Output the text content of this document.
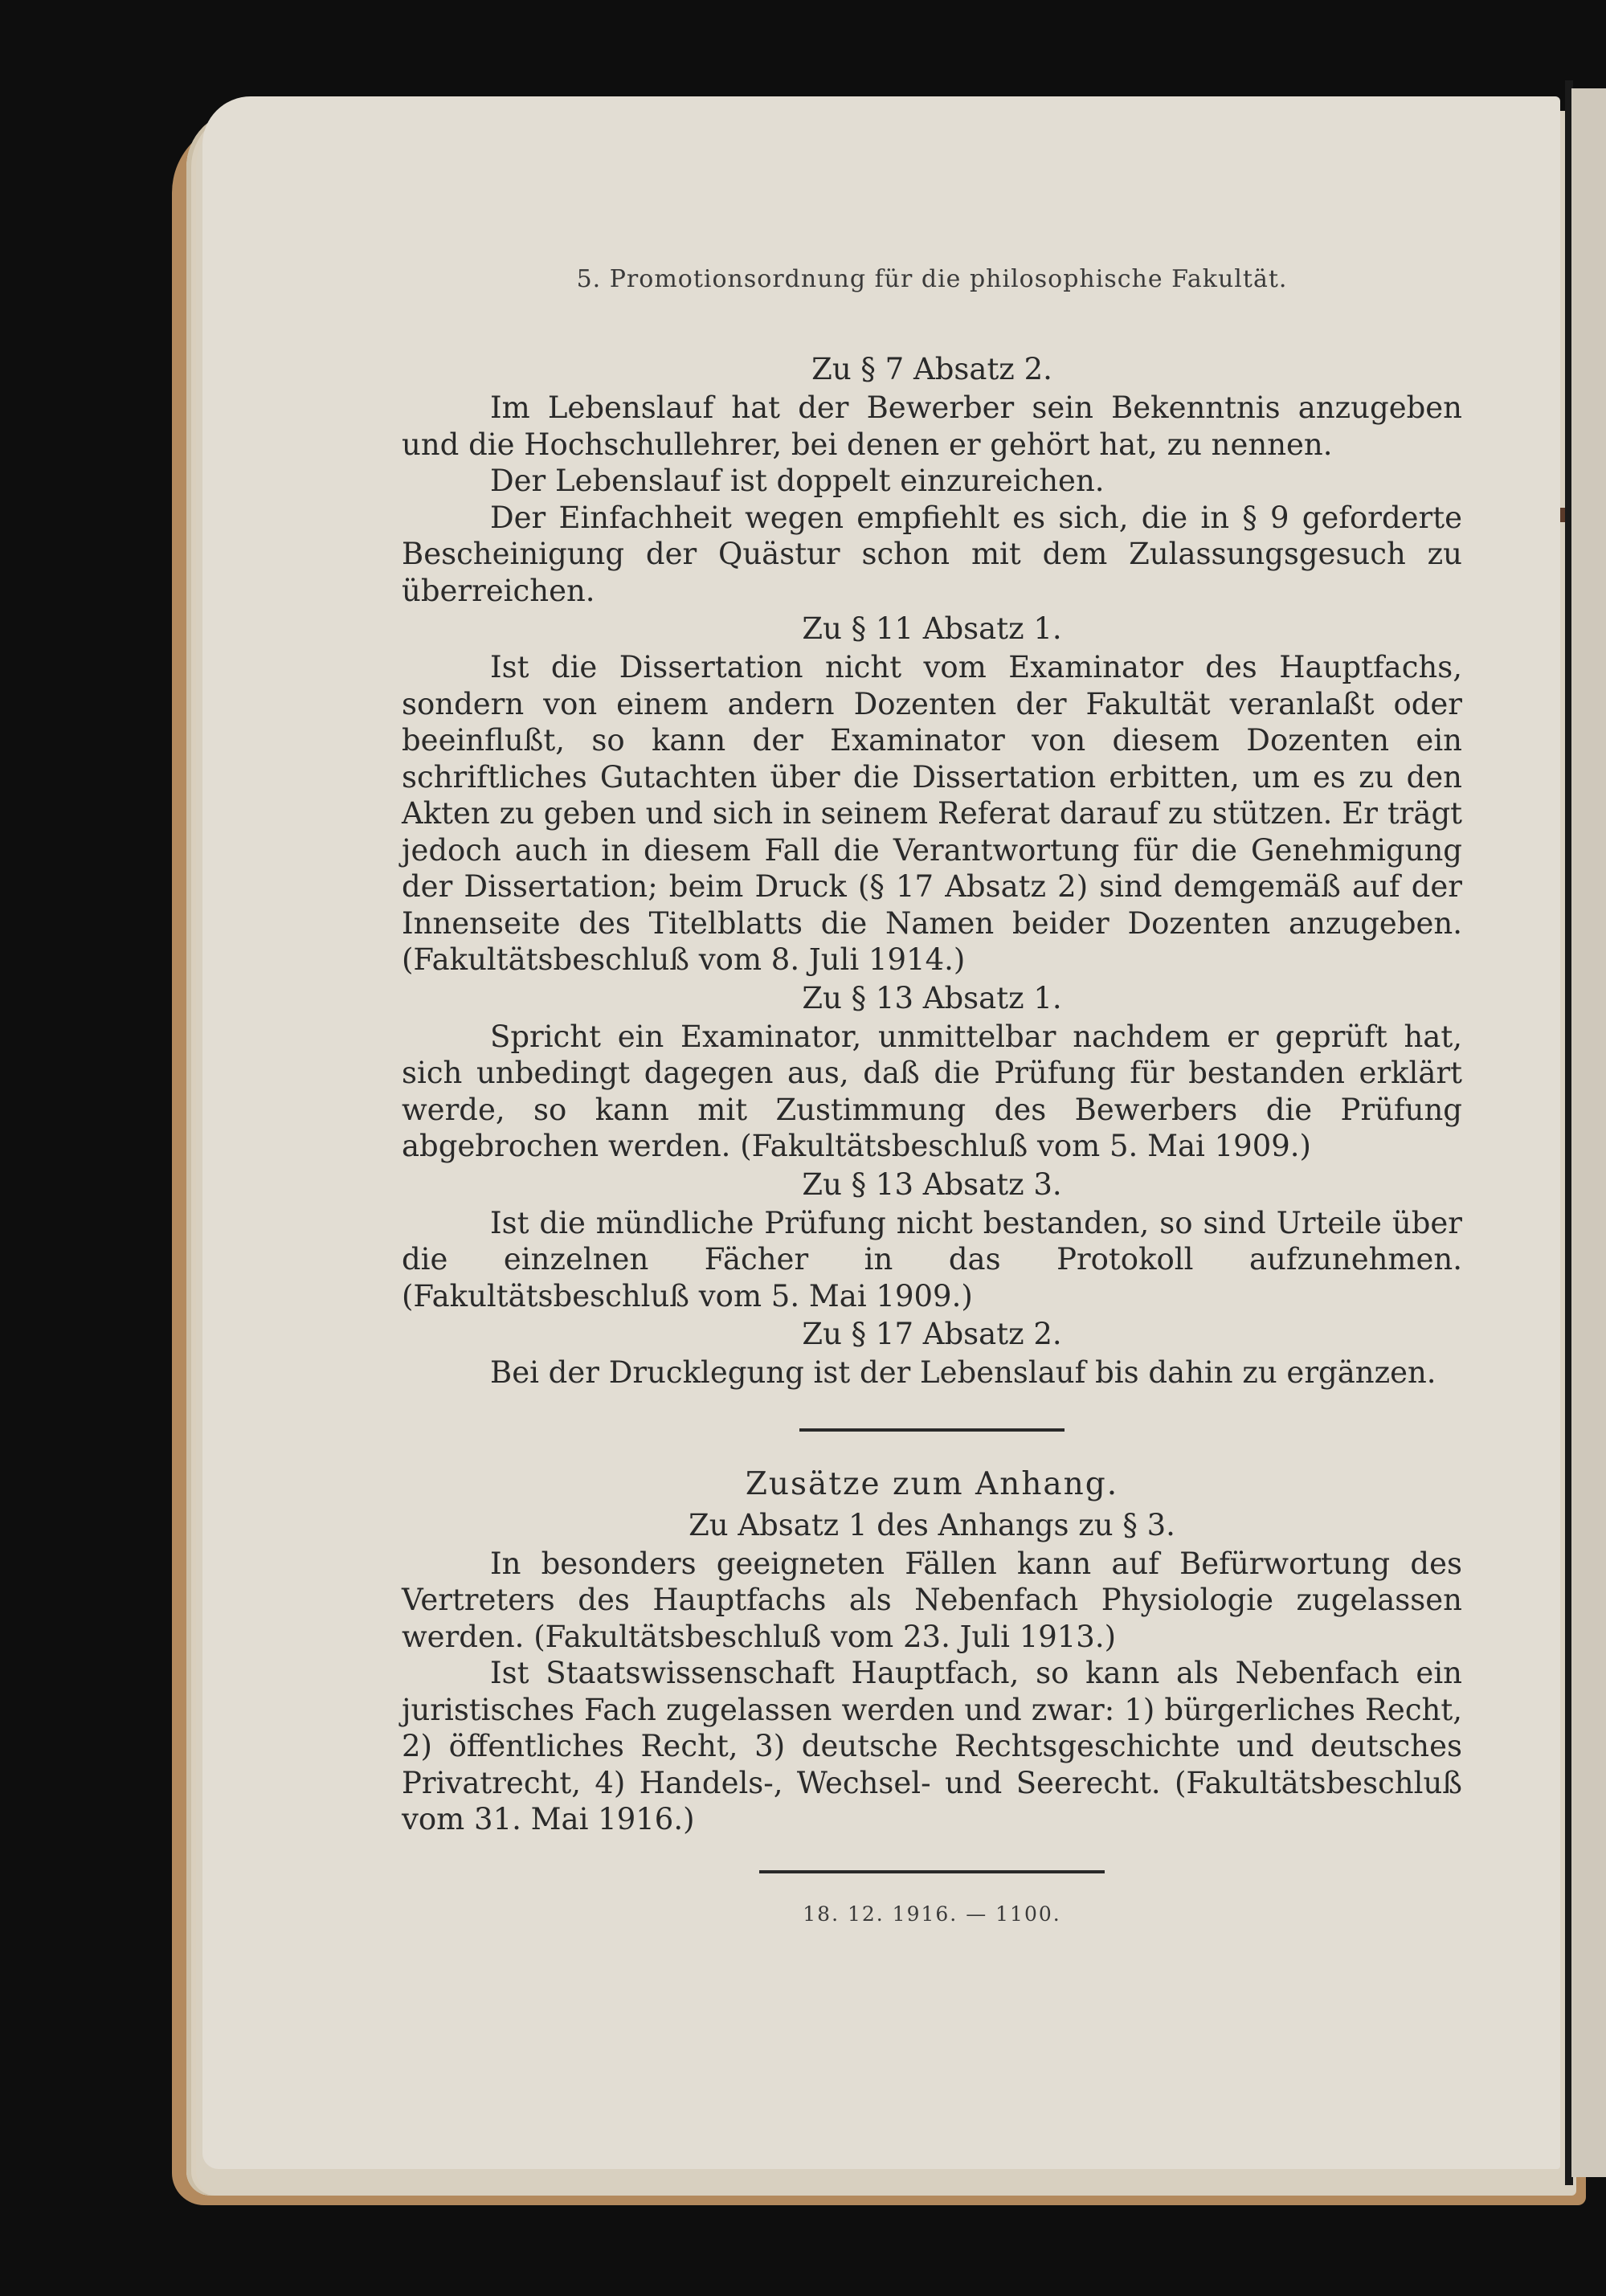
5. Promotionsordnung für die philosophische Fakultät.

Zu § 7 Absatz 2.

Im Lebenslauf hat der Bewerber sein Bekenntnis anzugeben und die Hochschullehrer, bei denen er gehört hat, zu nennen.

Der Lebenslauf ist doppelt einzureichen.

Der Einfachheit wegen empfiehlt es sich, die in § 9 geforderte Bescheinigung der Quästur schon mit dem Zulassungsgesuch zu überreichen.

Zu § 11 Absatz 1.

Ist die Dissertation nicht vom Examinator des Hauptfachs, sondern von einem andern Dozenten der Fakultät veranlaßt oder beeinflußt, so kann der Examinator von diesem Dozenten ein schriftliches Gutachten über die Dissertation erbitten, um es zu den Akten zu geben und sich in seinem Referat darauf zu stützen. Er trägt jedoch auch in diesem Fall die Verantwortung für die Genehmigung der Dissertation; beim Druck (§ 17 Absatz 2) sind demgemäß auf der Innenseite des Titelblatts die Namen beider Dozenten anzugeben. (Fakultätsbeschluß vom 8. Juli 1914.)

Zu § 13 Absatz 1.

Spricht ein Examinator, unmittelbar nachdem er geprüft hat, sich unbedingt dagegen aus, daß die Prüfung für bestanden erklärt werde, so kann mit Zustimmung des Bewerbers die Prüfung abgebrochen werden. (Fakultätsbeschluß vom 5. Mai 1909.)

Zu § 13 Absatz 3.

Ist die mündliche Prüfung nicht bestanden, so sind Urteile über die einzelnen Fächer in das Protokoll aufzunehmen. (Fakultätsbeschluß vom 5. Mai 1909.)

Zu § 17 Absatz 2.

Bei der Drucklegung ist der Lebenslauf bis dahin zu ergänzen.

Zusätze zum Anhang.

Zu Absatz 1 des Anhangs zu § 3.

In besonders geeigneten Fällen kann auf Befürwortung des Vertreters des Hauptfachs als Nebenfach Physiologie zugelassen werden. (Fakultätsbeschluß vom 23. Juli 1913.)

Ist Staatswissenschaft Hauptfach, so kann als Nebenfach ein juristisches Fach zugelassen werden und zwar: 1) bürgerliches Recht, 2) öffentliches Recht, 3) deutsche Rechtsgeschichte und deutsches Privatrecht, 4) Handels-, Wechsel- und Seerecht. (Fakultätsbeschluß vom 31. Mai 1916.)

18. 12. 1916. — 1100.
